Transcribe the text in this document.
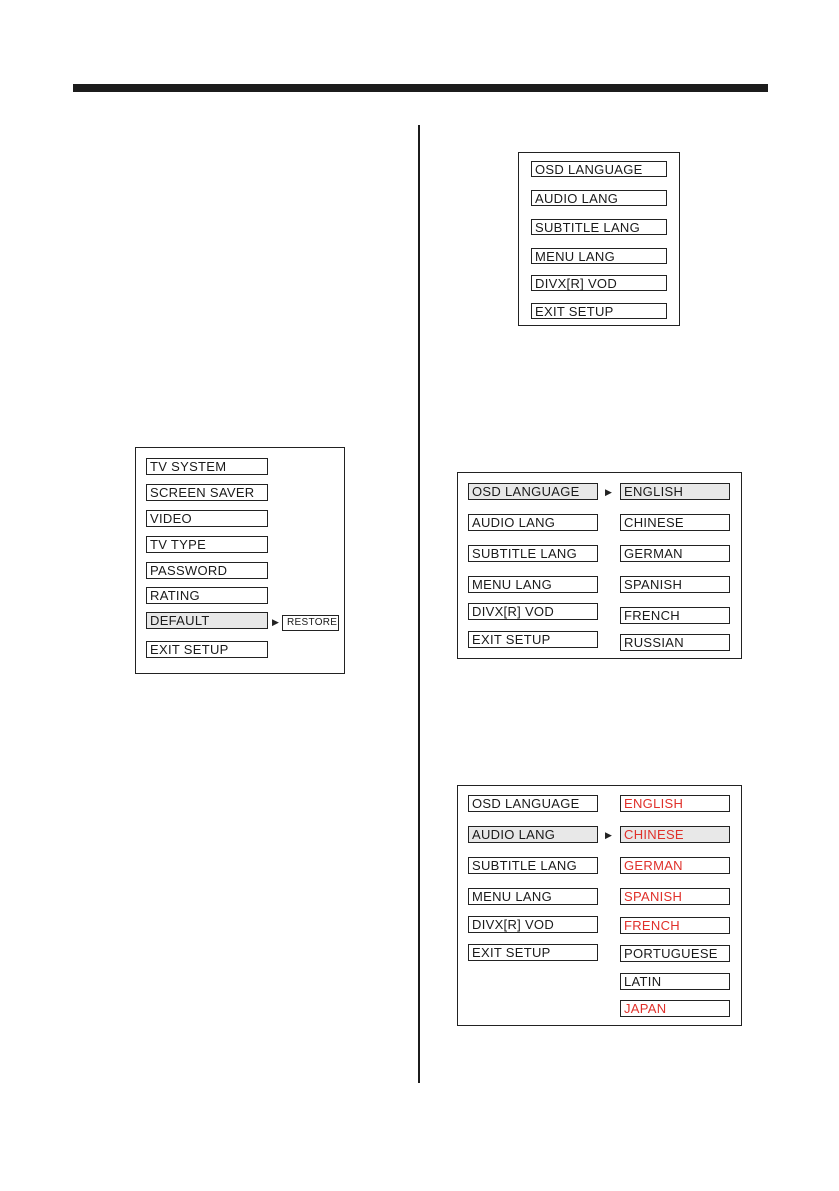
TV SYSTEM
SCREEN SAVER
VIDEO
TV TYPE
PASSWORD
RATING
DEFAULT	▶ RESTORE
EXIT SETUP
OSD LANGUAGE
AUDIO LANG
SUBTITLE LANG
MENU LANG
DIVX[R] VOD
EXIT SETUP
OSD LANGUAGE
AUDIO LANG
SUBTITLE LANG
MENU LANG
DIVX[R] VOD
EXIT SETUP
▶ ENGLISH
CHINESE
GERMAN
SPANISH
FRENCH
RUSSIAN
OSD LANGUAGE
AUDIO LANG
SUBTITLE LANG
MENU LANG
DIVX[R] VOD
EXIT SETUP
▶
ENGLISH
CHINESE
GERMAN
SPANISH
FRENCH
PORTUGUESE
LATIN
JAPAN
